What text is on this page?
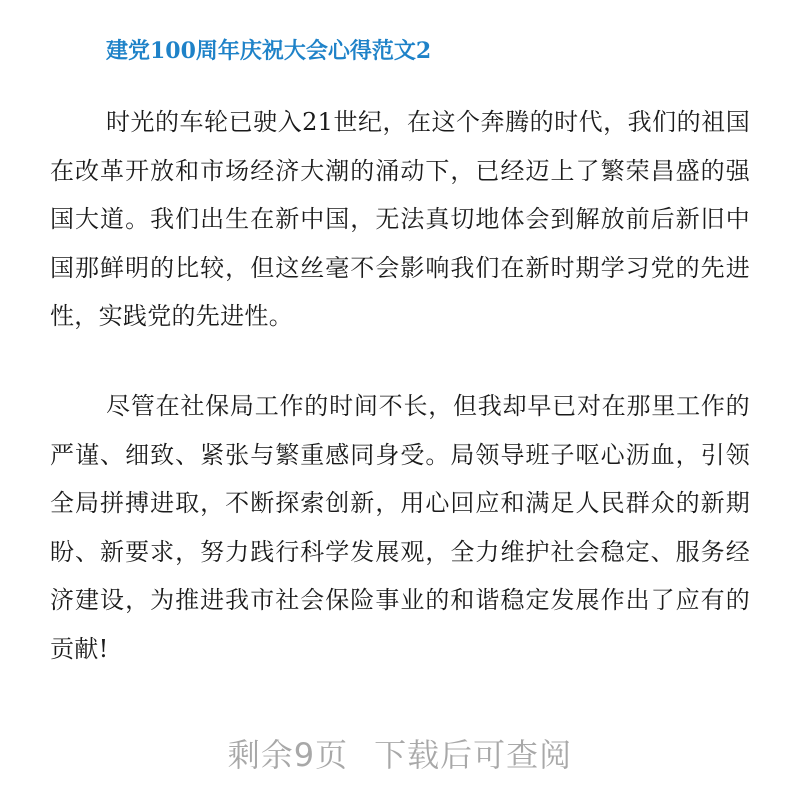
建党100周年庆祝大会心得范文2

时光的车轮已驶入21世纪，在这个奔腾的时代，我们的祖国在改革开放和市场经济大潮的涌动下，已经迈上了繁荣昌盛的强国大道。我们出生在新中国，无法真切地体会到解放前后新旧中国那鲜明的比较，但这丝毫不会影响我们在新时期学习党的先进性，实践党的先进性。

尽管在社保局工作的时间不长，但我却早已对在那里工作的严谨、细致、紧张与繁重感同身受。局领导班子呕心沥血，引领全局拼搏进取，不断探索创新，用心回应和满足人民群众的新期盼、新要求，努力践行科学发展观，全力维护社会稳定、服务经济建设，为推进我市社会保险事业的和谐稳定发展作出了应有的贡献!

剩余9页 下载后可查阅
